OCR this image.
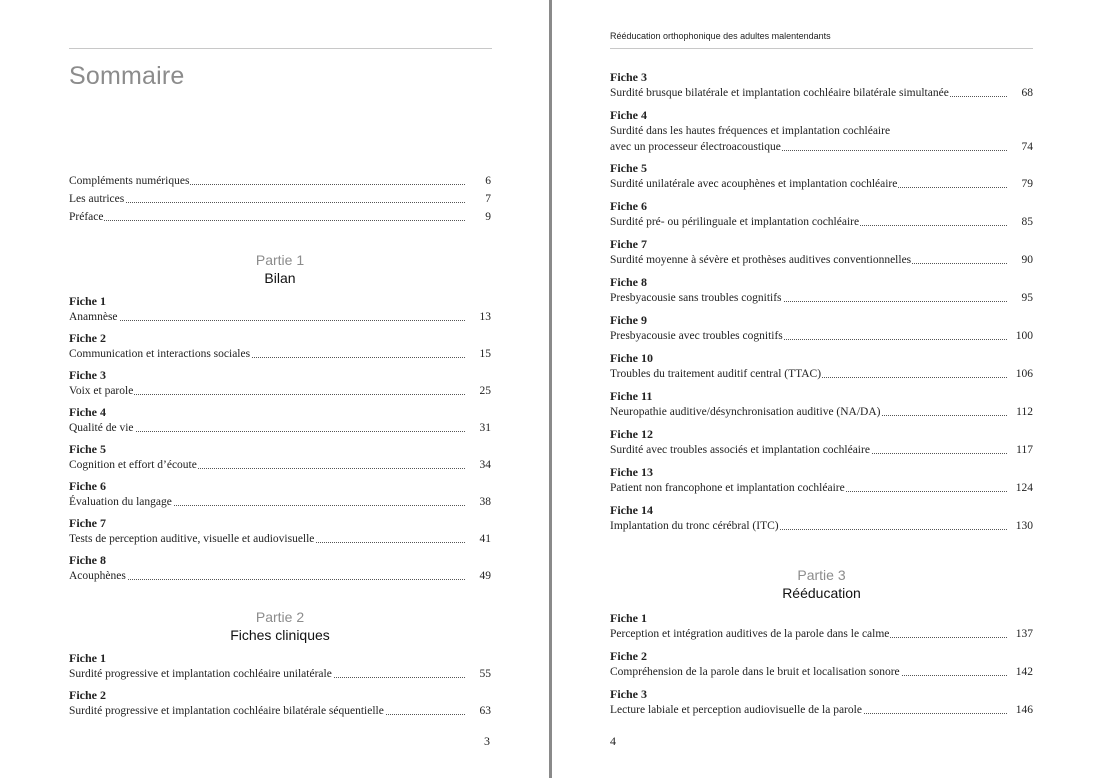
Sommaire
Compléments numériques	6
Les autrices	7
Préface	9
Partie 1
Bilan
Fiche 1
Anamnèse	13
Fiche 2
Communication et interactions sociales	15
Fiche 3
Voix et parole	25
Fiche 4
Qualité de vie	31
Fiche 5
Cognition et effort d’écoute	34
Fiche 6
Évaluation du langage	38
Fiche 7
Tests de perception auditive, visuelle et audiovisuelle	41
Fiche 8
Acouphènes	49
Partie 2
Fiches cliniques
Fiche 1
Surdité progressive et implantation cochléaire unilatérale	55
Fiche 2
Surdité progressive et implantation cochléaire bilatérale séquentielle	63
3
Rééducation orthophonique des adultes malentendants
Fiche 3
Surdité brusque bilatérale et implantation cochléaire bilatérale simultanée	68
Fiche 4
Surdité dans les hautes fréquences et implantation cochléaire
avec un processeur électroacoustique	74
Fiche 5
Surdité unilatérale avec acouphènes et implantation cochléaire	79
Fiche 6
Surdité pré- ou périlinguale et implantation cochléaire	85
Fiche 7
Surdité moyenne à sévère et prothèses auditives conventionnelles	90
Fiche 8
Presbyacousie sans troubles cognitifs	95
Fiche 9
Presbyacousie avec troubles cognitifs	100
Fiche 10
Troubles du traitement auditif central (TTAC)	106
Fiche 11
Neuropathie auditive/désynchronisation auditive (NA/DA)	112
Fiche 12
Surdité avec troubles associés et implantation cochléaire	117
Fiche 13
Patient non francophone et implantation cochléaire	124
Fiche 14
Implantation du tronc cérébral (ITC)	130
Partie 3
Rééducation
Fiche 1
Perception et intégration auditives de la parole dans le calme	137
Fiche 2
Compréhension de la parole dans le bruit et localisation sonore	142
Fiche 3
Lecture labiale et perception audiovisuelle de la parole	146
4
